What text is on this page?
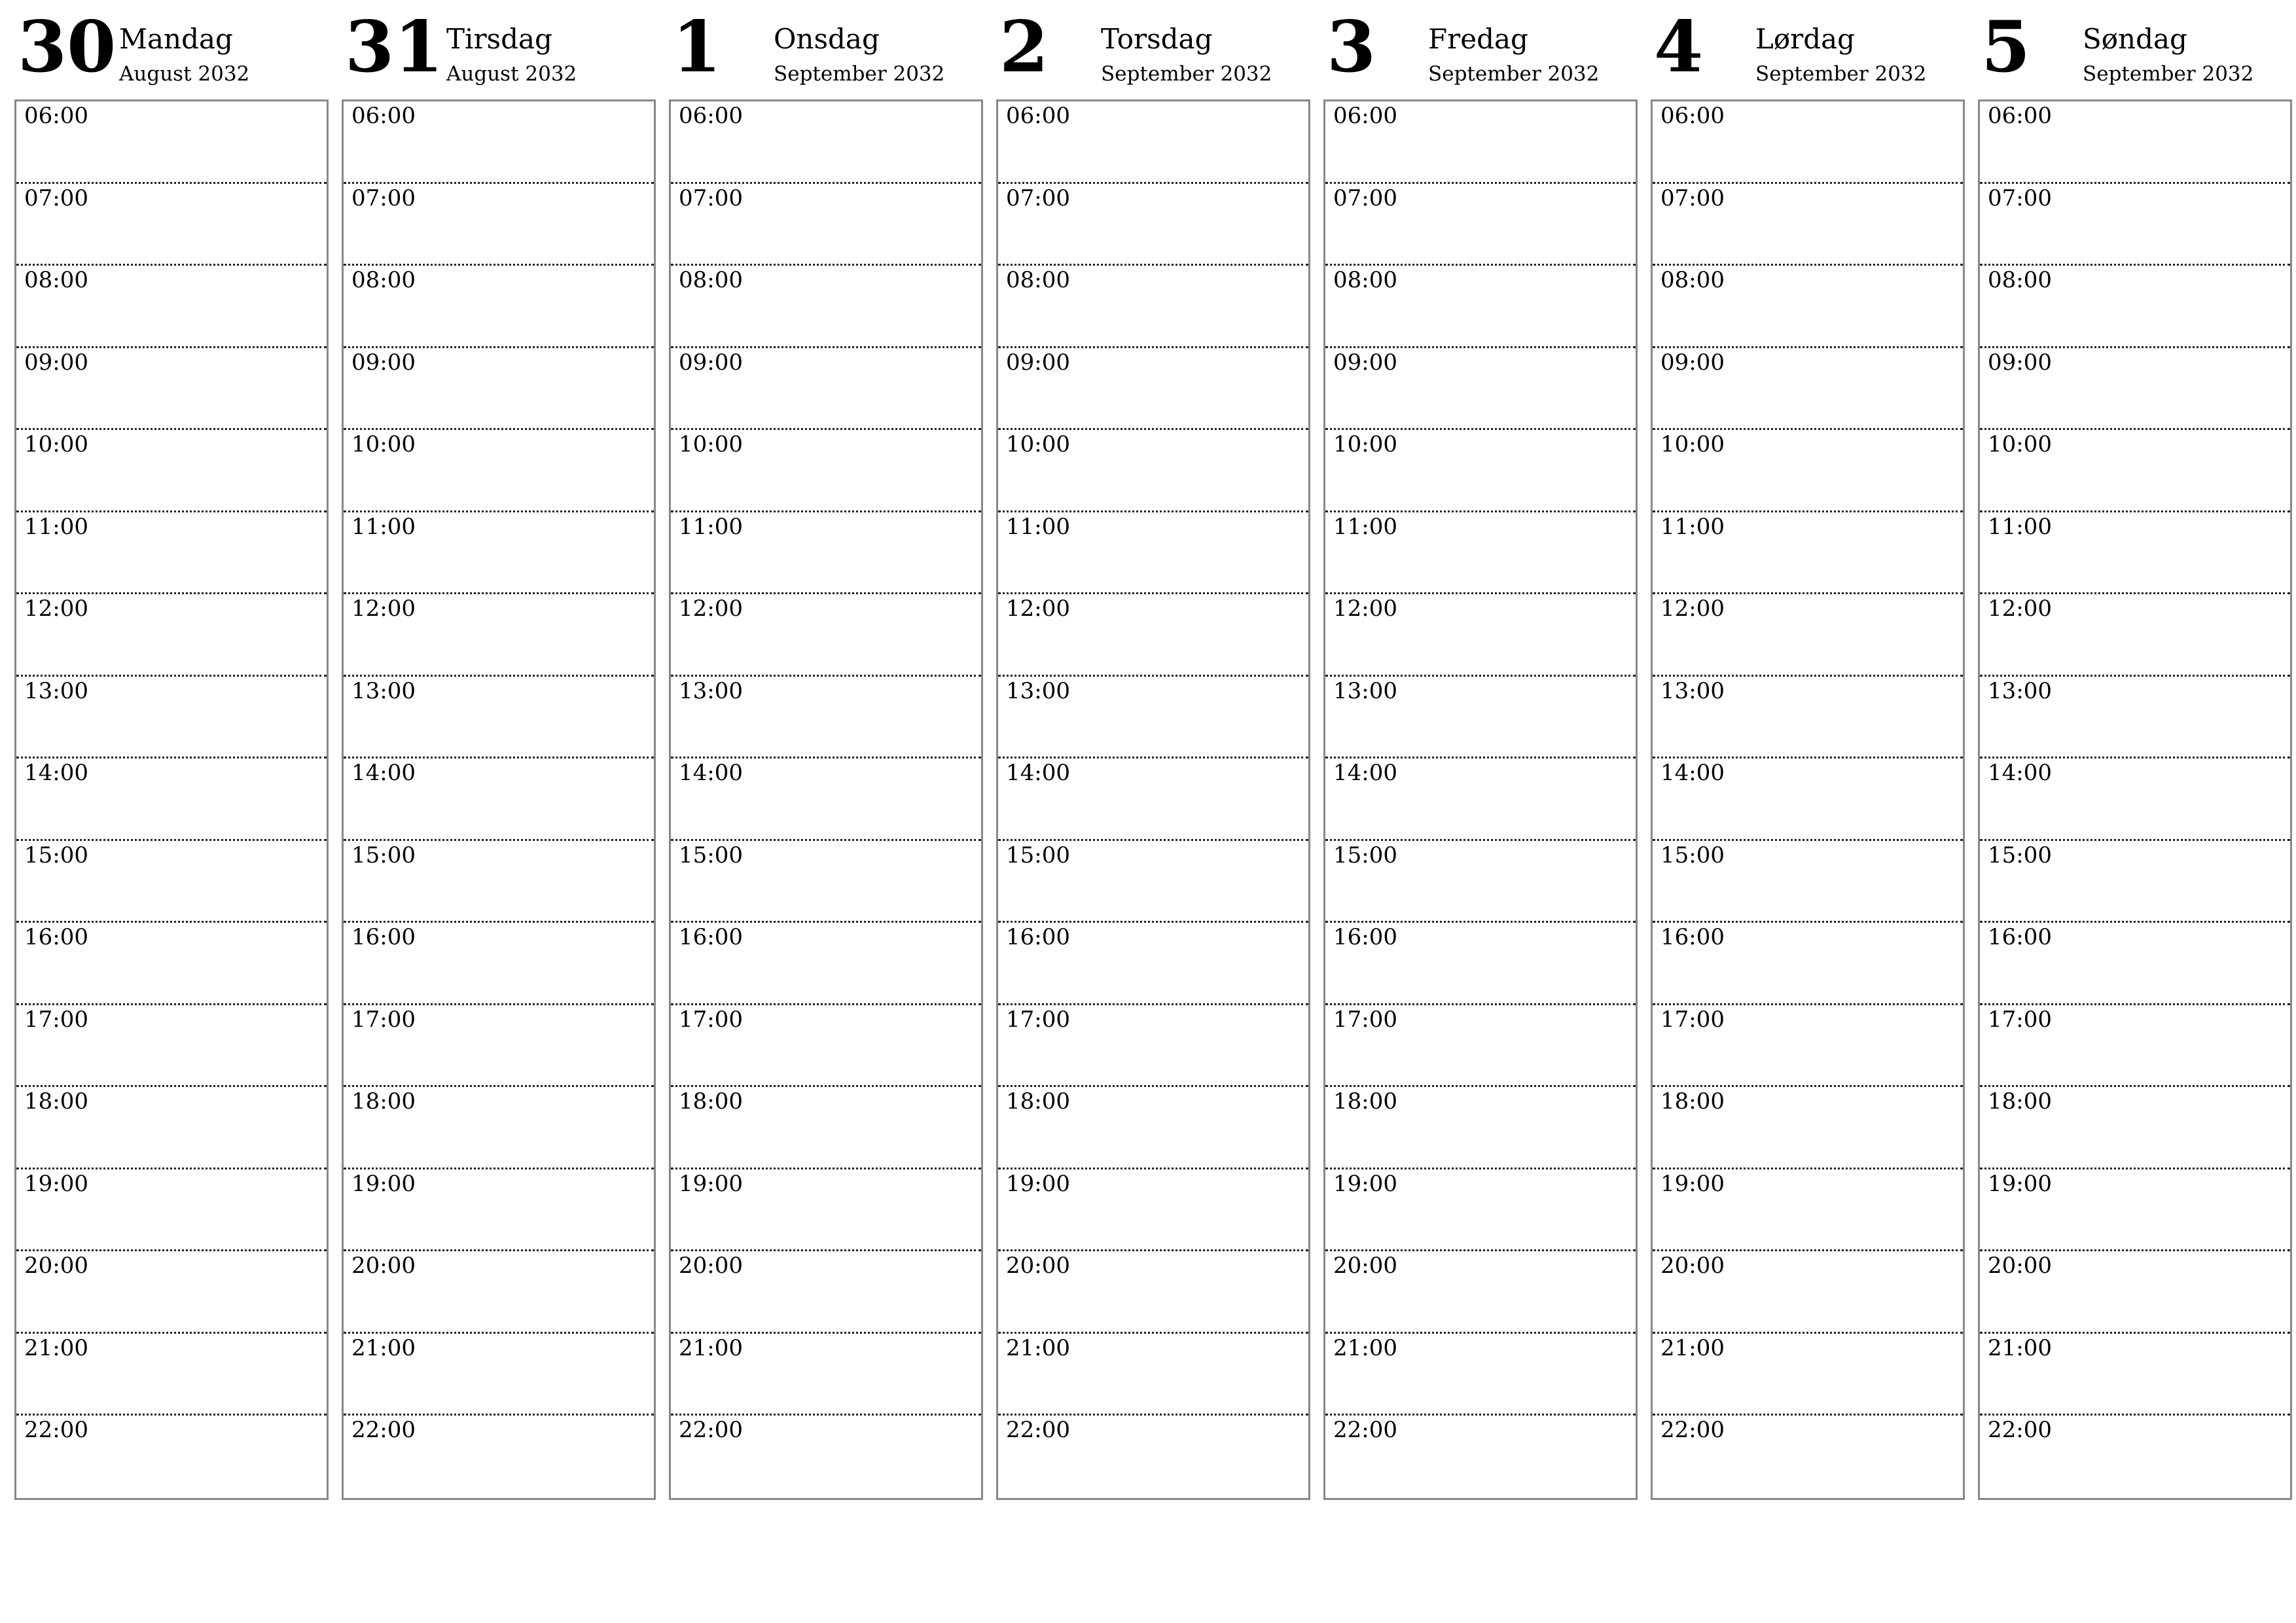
30 Mandag
August 2032
06:00
07:00
08:00
09:00
10:00
11:00
12:00
13:00
14:00
15:00
16:00
17:00
18:00
19:00
20:00
21:00
22:00
31 Tirsdag
August 2032
06:00
07:00
08:00
09:00
10:00
11:00
12:00
13:00
14:00
15:00
16:00
17:00
18:00
19:00
20:00
21:00
22:00
1 Onsdag
September 2032
06:00
07:00
08:00
09:00
10:00
11:00
12:00
13:00
14:00
15:00
16:00
17:00
18:00
19:00
20:00
21:00
22:00
2 Torsdag
September 2032
06:00
07:00
08:00
09:00
10:00
11:00
12:00
13:00
14:00
15:00
16:00
17:00
18:00
19:00
20:00
21:00
22:00
3 Fredag
September 2032
06:00
07:00
08:00
09:00
10:00
11:00
12:00
13:00
14:00
15:00
16:00
17:00
18:00
19:00
20:00
21:00
22:00
4 Lørdag
September 2032
06:00
07:00
08:00
09:00
10:00
11:00
12:00
13:00
14:00
15:00
16:00
17:00
18:00
19:00
20:00
21:00
22:00
5 Søndag
September 2032
06:00
07:00
08:00
09:00
10:00
11:00
12:00
13:00
14:00
15:00
16:00
17:00
18:00
19:00
20:00
21:00
22:00
